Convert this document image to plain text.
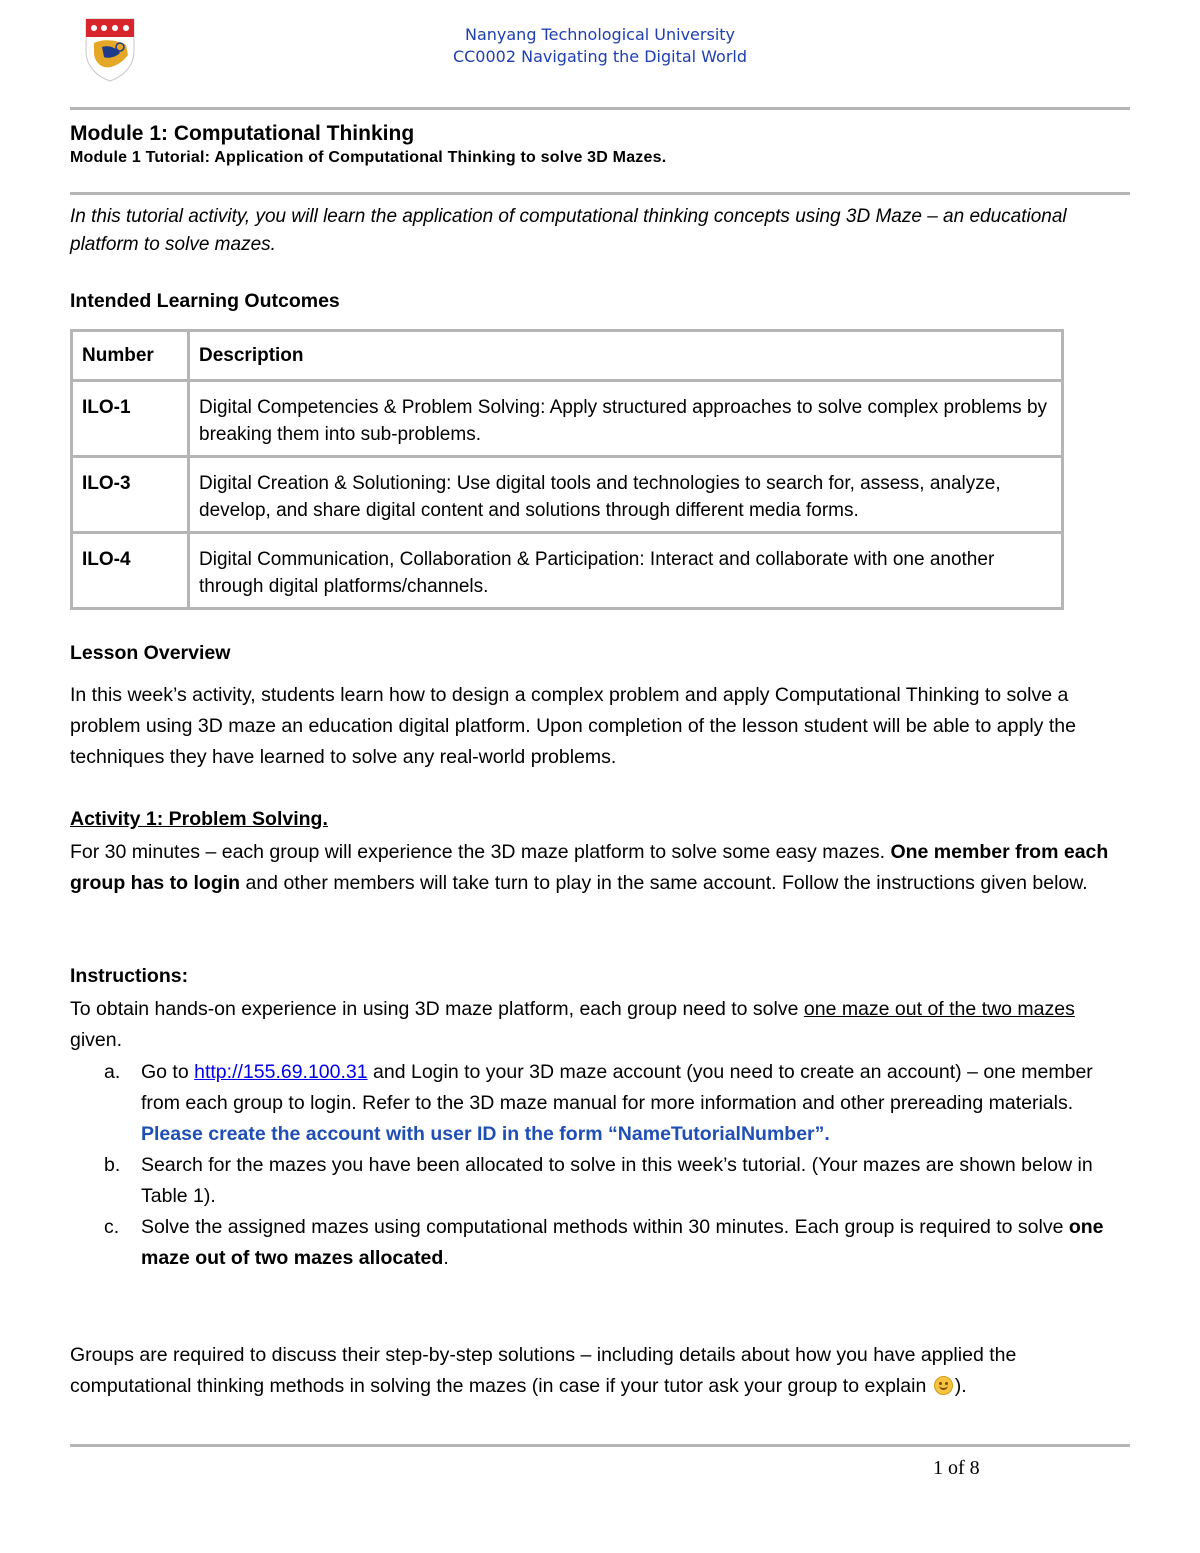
Nanyang Technological University
CC0002 Navigating the Digital World
Module 1: Computational Thinking
Module 1 Tutorial: Application of Computational Thinking to solve 3D Mazes.
In this tutorial activity, you will learn the application of computational thinking concepts using 3D Maze – an educational platform to solve mazes.
Intended Learning Outcomes
Number	Description
ILO-1	Digital Competencies & Problem Solving: Apply structured approaches to solve complex problems by breaking them into sub-problems.
ILO-3	Digital Creation & Solutioning: Use digital tools and technologies to search for, assess, analyze, develop, and share digital content and solutions through different media forms.
ILO-4	Digital Communication, Collaboration & Participation: Interact and collaborate with one another through digital platforms/channels.
Lesson Overview
In this week’s activity, students learn how to design a complex problem and apply Computational Thinking to solve a problem using 3D maze an education digital platform. Upon completion of the lesson student will be able to apply the techniques they have learned to solve any real-world problems.
Activity 1: Problem Solving.
For 30 minutes – each group will experience the 3D maze platform to solve some easy mazes. One member from each group has to login and other members will take turn to play in the same account. Follow the instructions given below.
Instructions:
To obtain hands-on experience in using 3D maze platform, each group need to solve one maze out of the two mazes given.
a. Go to http://155.69.100.31 and Login to your 3D maze account (you need to create an account) – one member from each group to login. Refer to the 3D maze manual for more information and other prereading materials.
Please create the account with user ID in the form “NameTutorialNumber”.
b. Search for the mazes you have been allocated to solve in this week’s tutorial. (Your mazes are shown below in Table 1).
c. Solve the assigned mazes using computational methods within 30 minutes. Each group is required to solve one maze out of two mazes allocated.
Groups are required to discuss their step-by-step solutions – including details about how you have applied the computational thinking methods in solving the mazes (in case if your tutor ask your group to explain
).
1 of 8
